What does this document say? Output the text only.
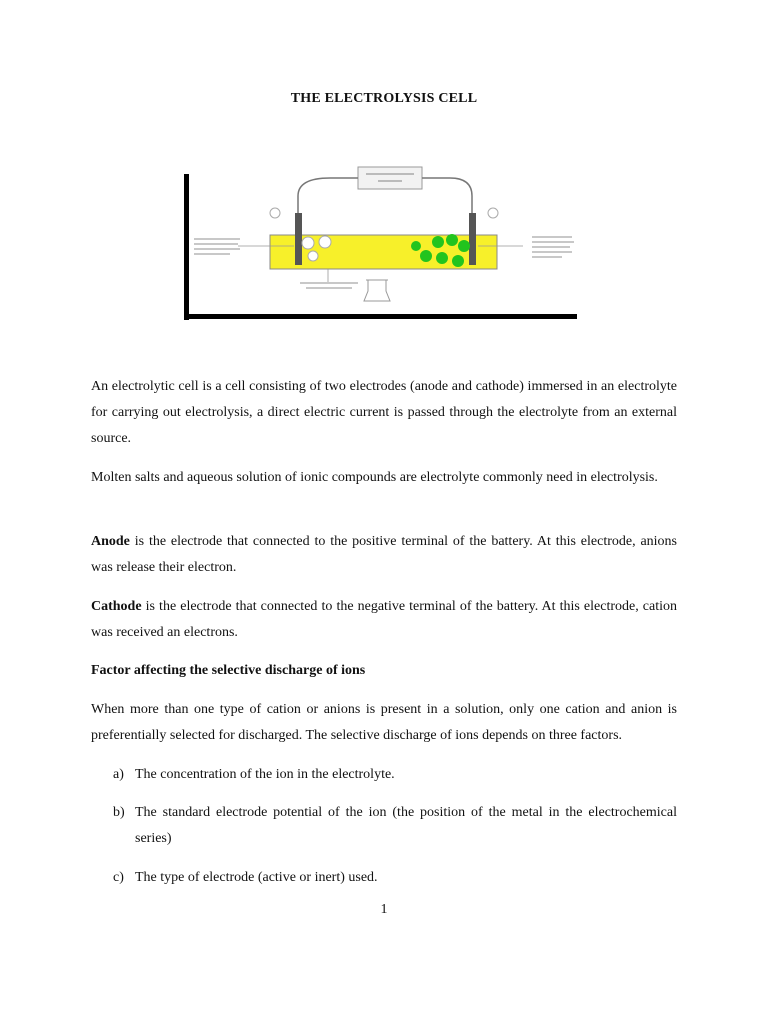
THE ELECTROLYSIS CELL

An electrolytic cell is a cell consisting of two electrodes (anode and cathode) immersed in an electrolyte for carrying out electrolysis, a direct electric current is passed through the electrolyte from an external source.

Molten salts and aqueous solution of ionic compounds are electrolyte commonly need in electrolysis.

Anode is the electrode that connected to the positive terminal of the battery. At this electrode, anions was release their electron.

Cathode is the electrode that connected to the negative terminal of the battery. At this electrode, cation was received an electrons.

Factor affecting the selective discharge of ions

When more than one type of cation or anions is present in a solution, only one cation and anion is preferentially selected for discharged. The selective discharge of ions depends on three factors.

a) The concentration of the ion in the electrolyte.
b) The standard electrode potential of the ion (the position of the metal in the electrochemical series)
c) The type of electrode (active or inert) used.
1
